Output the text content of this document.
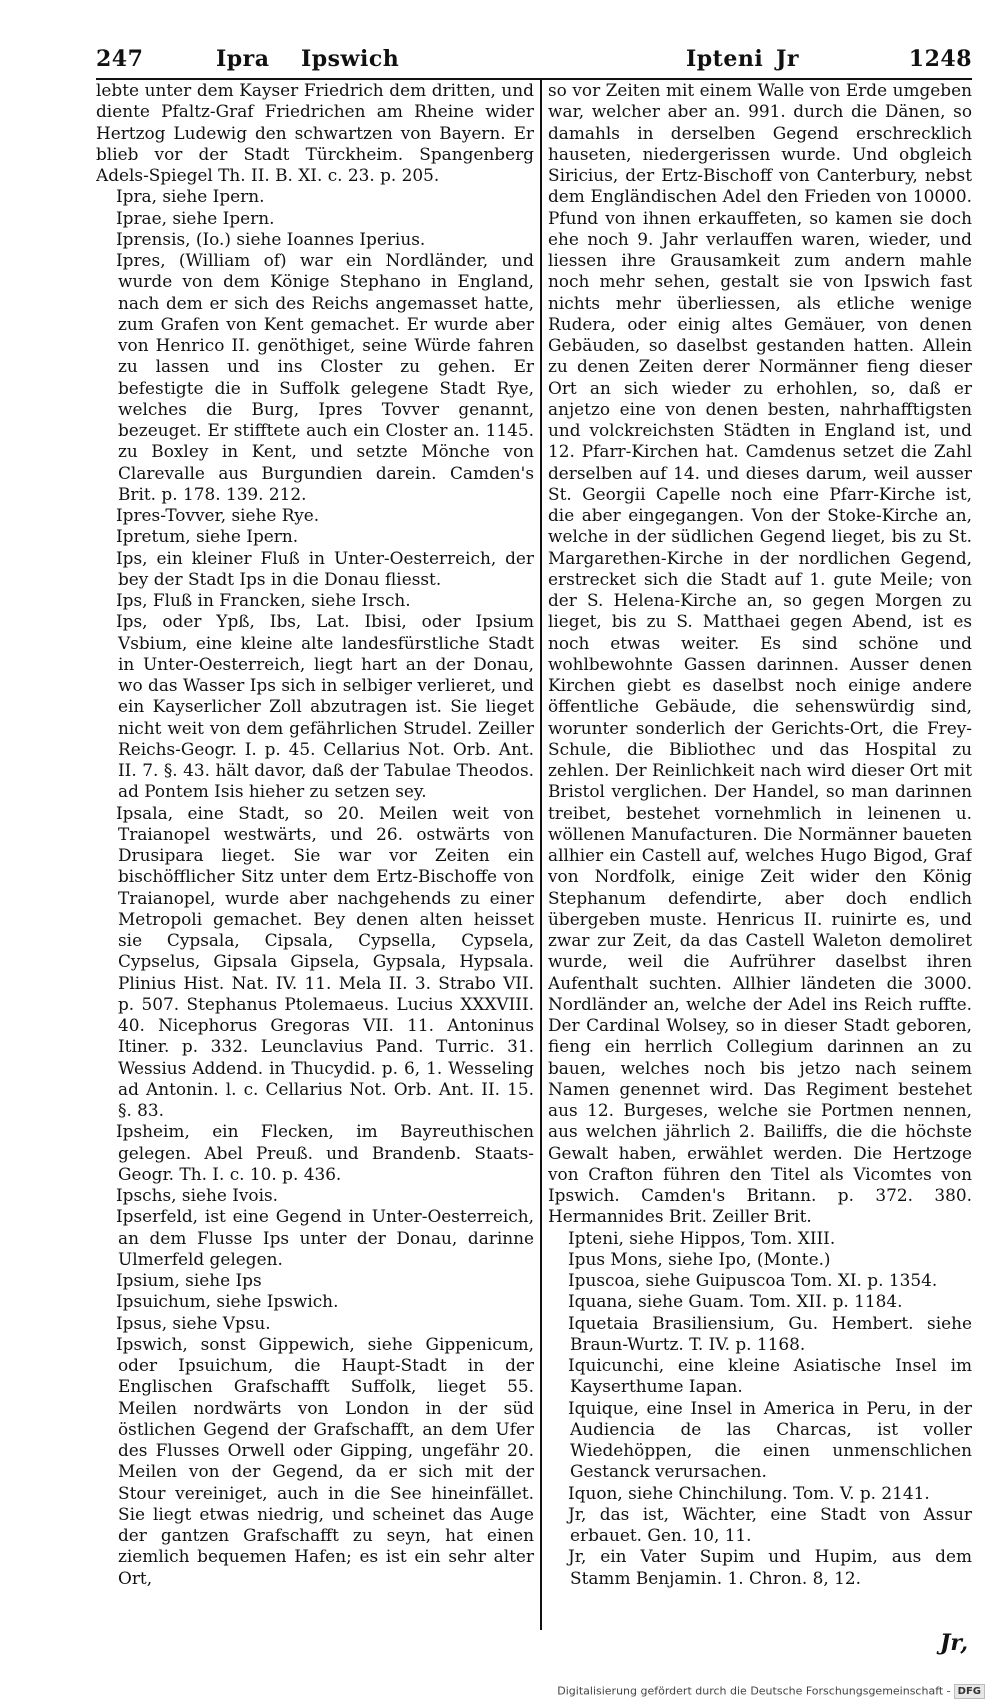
247	Ipra Ipswich	Ipteni Jr	1248

lebte unter dem Kayser Friedrich dem dritten, und diente Pfaltz-Graf Friedrichen am Rheine wider Hertzog Ludewig den schwartzen von Bayern. Er blieb vor der Stadt Türckheim. Spangenberg Adels-Spiegel Th. II. B. XI. c. 23. p. 205.

Ipra, siehe Ipern.

Iprae, siehe Ipern.

Iprensis, (Io.) siehe Ioannes Iperius.

Ipres, (William of) war ein Nordländer, und wurde von dem Könige Stephano in England, nach dem er sich des Reichs angemasset hatte, zum Grafen von Kent gemachet. Er wurde aber von Henrico II. genöthiget, seine Würde fahren zu lassen und ins Closter zu gehen. Er befestigte die in Suffolk gelegene Stadt Rye, welches die Burg, Ipres Tovver genannt, bezeuget. Er stifftete auch ein Closter an. 1145. zu Boxley in Kent, und setzte Mönche von Clarevalle aus Burgundien darein. Camden's Brit. p. 178. 139. 212.

Ipres-Tovver, siehe Rye.

Ipretum, siehe Ipern.

Ips, ein kleiner Fluß in Unter-Oesterreich, der bey der Stadt Ips in die Donau fliesst.

Ips, Fluß in Francken, siehe Irsch.

Ips, oder Ypß, Ibs, Lat. Ibisi, oder Ipsium Vsbium, eine kleine alte landesfürstliche Stadt in Unter-Oesterreich, liegt hart an der Donau, wo das Wasser Ips sich in selbiger verlieret, und ein Kayserlicher Zoll abzutragen ist. Sie lieget nicht weit von dem gefährlichen Strudel. Zeiller Reichs-Geogr. I. p. 45. Cellarius Not. Orb. Ant. II. 7. §. 43. hält davor, daß der Tabulae Theodos. ad Pontem Isis hieher zu setzen sey.

Ipsala, eine Stadt, so 20. Meilen weit von Traianopel westwärts, und 26. ostwärts von Drusipara lieget. Sie war vor Zeiten ein bischöfflicher Sitz unter dem Ertz-Bischoffe von Traianopel, wurde aber nachgehends zu einer Metropoli gemachet. Bey denen alten heisset sie Cypsala, Cipsala, Cypsella, Cypsela, Cypselus, Gipsala Gipsela, Gypsala, Hypsala. Plinius Hist. Nat. IV. 11. Mela II. 3. Strabo VII. p. 507. Stephanus Ptolemaeus. Lucius XXXVIII. 40. Nicephorus Gregoras VII. 11. Antoninus Itiner. p. 332. Leunclavius Pand. Turric. 31. Wessius Addend. in Thucydid. p. 6, 1. Wesseling ad Antonin. l. c. Cellarius Not. Orb. Ant. II. 15. §. 83.

Ipsheim, ein Flecken, im Bayreuthischen gelegen. Abel Preuß. und Brandenb. Staats-Geogr. Th. I. c. 10. p. 436.

Ipschs, siehe Ivois.

Ipserfeld, ist eine Gegend in Unter-Oesterreich, an dem Flusse Ips unter der Donau, darinne Ulmerfeld gelegen.

Ipsium, siehe Ips

Ipsuichum, siehe Ipswich.

Ipsus, siehe Vpsu.

Ipswich, sonst Gippewich, siehe Gippenicum, oder Ipsuichum, die Haupt-Stadt in der Englischen Grafschafft Suffolk, lieget 55. Meilen nordwärts von London in der süd östlichen Gegend der Grafschafft, an dem Ufer des Flusses Orwell oder Gipping, ungefähr 20. Meilen von der Gegend, da er sich mit der Stour vereiniget, auch in die See hineinfället. Sie liegt etwas niedrig, und scheinet das Auge der gantzen Grafschafft zu seyn, hat einen ziemlich bequemen Hafen; es ist ein sehr alter Ort,

so vor Zeiten mit einem Walle von Erde umgeben war, welcher aber an. 991. durch die Dänen, so damahls in derselben Gegend erschrecklich hauseten, niedergerissen wurde. Und obgleich Siricius, der Ertz-Bischoff von Canterbury, nebst dem Engländischen Adel den Frieden von 10000. Pfund von ihnen erkauffeten, so kamen sie doch ehe noch 9. Jahr verlauffen waren, wieder, und liessen ihre Grausamkeit zum andern mahle noch mehr sehen, gestalt sie von Ipswich fast nichts mehr überliessen, als etliche wenige Rudera, oder einig altes Gemäuer, von denen Gebäuden, so daselbst gestanden hatten. Allein zu denen Zeiten derer Normänner fieng dieser Ort an sich wieder zu erhohlen, so, daß er anjetzo eine von denen besten, nahrhafftigsten und volckreichsten Städten in England ist, und 12. Pfarr-Kirchen hat. Camdenus setzet die Zahl derselben auf 14. und dieses darum, weil ausser St. Georgii Capelle noch eine Pfarr-Kirche ist, die aber eingegangen. Von der Stoke-Kirche an, welche in der südlichen Gegend lieget, bis zu St. Margarethen-Kirche in der nordlichen Gegend, erstrecket sich die Stadt auf 1. gute Meile; von der S. Helena-Kirche an, so gegen Morgen zu lieget, bis zu S. Matthaei gegen Abend, ist es noch etwas weiter. Es sind schöne und wohlbewohnte Gassen darinnen. Ausser denen Kirchen giebt es daselbst noch einige andere öffentliche Gebäude, die sehenswürdig sind, worunter sonderlich der Gerichts-Ort, die Frey-Schule, die Bibliothec und das Hospital zu zehlen. Der Reinlichkeit nach wird dieser Ort mit Bristol verglichen. Der Handel, so man darinnen treibet, bestehet vornehmlich in leinenen u. wöllenen Manufacturen. Die Normänner baueten allhier ein Castell auf, welches Hugo Bigod, Graf von Nordfolk, einige Zeit wider den König Stephanum defendirte, aber doch endlich übergeben muste. Henricus II. ruinirte es, und zwar zur Zeit, da das Castell Waleton demoliret wurde, weil die Aufrührer daselbst ihren Aufenthalt suchten. Allhier ländeten die 3000. Nordländer an, welche der Adel ins Reich ruffte. Der Cardinal Wolsey, so in dieser Stadt geboren, fieng ein herrlich Collegium darinnen an zu bauen, welches noch bis jetzo nach seinem Namen genennet wird. Das Regiment bestehet aus 12. Burgeses, welche sie Portmen nennen, aus welchen jährlich 2. Bailiffs, die die höchste Gewalt haben, erwählet werden. Die Hertzoge von Crafton führen den Titel als Vicomtes von Ipswich. Camden's Britann. p. 372. 380. Hermannides Brit. Zeiller Brit.

Ipteni, siehe Hippos, Tom. XIII.

Ipus Mons, siehe Ipo, (Monte.)

Ipuscoa, siehe Guipuscoa Tom. XI. p. 1354.

Iquana, siehe Guam. Tom. XII. p. 1184.

Iquetaia Brasiliensium, Gu. Hembert. siehe Braun-Wurtz. T. IV. p. 1168.

Iquicunchi, eine kleine Asiatische Insel im Kayserthume Iapan.

Iquique, eine Insel in America in Peru, in der Audiencia de las Charcas, ist voller Wiedehöppen, die einen unmenschlichen Gestanck verursachen.

Iquon, siehe Chinchilung. Tom. V. p. 2141.

Jr, das ist, Wächter, eine Stadt von Assur erbauet. Gen. 10, 11.

Jr, ein Vater Supim und Hupim, aus dem Stamm Benjamin. 1. Chron. 8, 12.

Jr,
Digitalisierung gefördert durch die Deutsche Forschungsgemeinschaft - DFG
